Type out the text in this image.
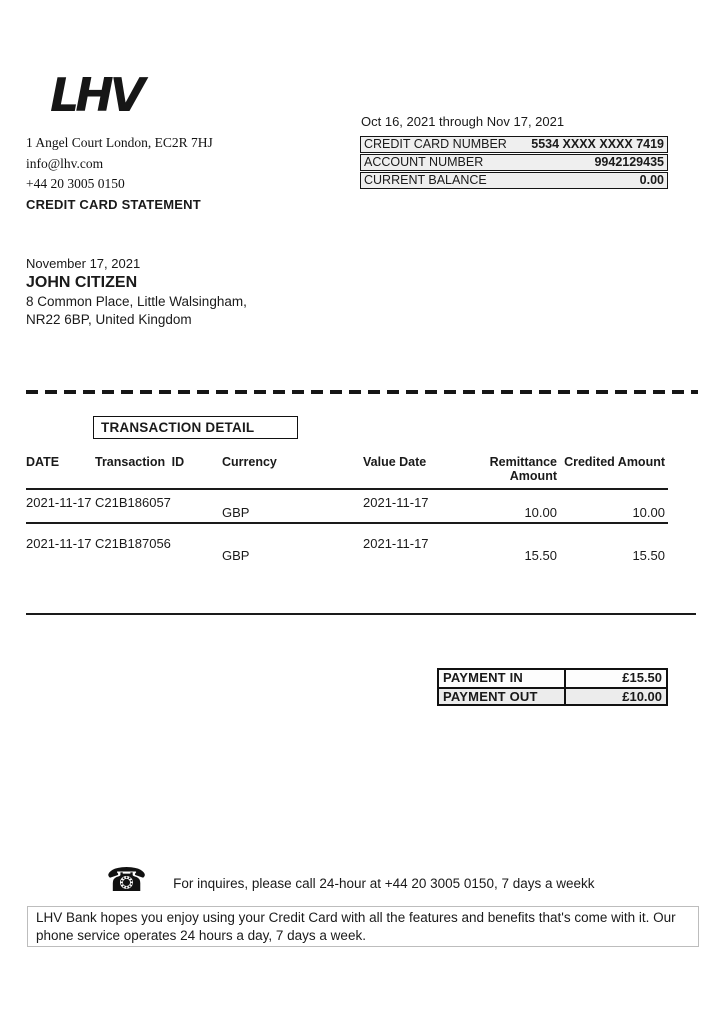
LHV
1 Angel Court London, EC2R 7HJ
info@lhv.com
+44 20 3005 0150
CREDIT CARD STATEMENT
Oct 16, 2021 through Nov 17, 2021
CREDIT CARD NUMBER 5534 XXXX XXXX 7419
ACCOUNT NUMBER	9942129435
CURRENT BALANCE	0.00
November 17, 2021
JOHN CITIZEN
8 Common Place, Little Walsingham,
NR22 6BP, United Kingdom
TRANSACTION DETAIL
DATE	Transaction ID	Currency	Value Date	Remittance Amount
Credited Amount
2021-11-17 C21B186057
GBP
2021-11-17
10.00	10.00
2021-11-17 C21B187056
GBP
2021-11-17
15.50	15.50
PAYMENT IN	£15.50
PAYMENT OUT	£10.00
☎ For inquires, please call 24-hour at +44 20 3005 0150, 7 days a weekk
LHV Bank hopes you enjoy using your Credit Card with all the features and benefits that's come with it. Our phone service operates 24 hours a day, 7 days a week.
